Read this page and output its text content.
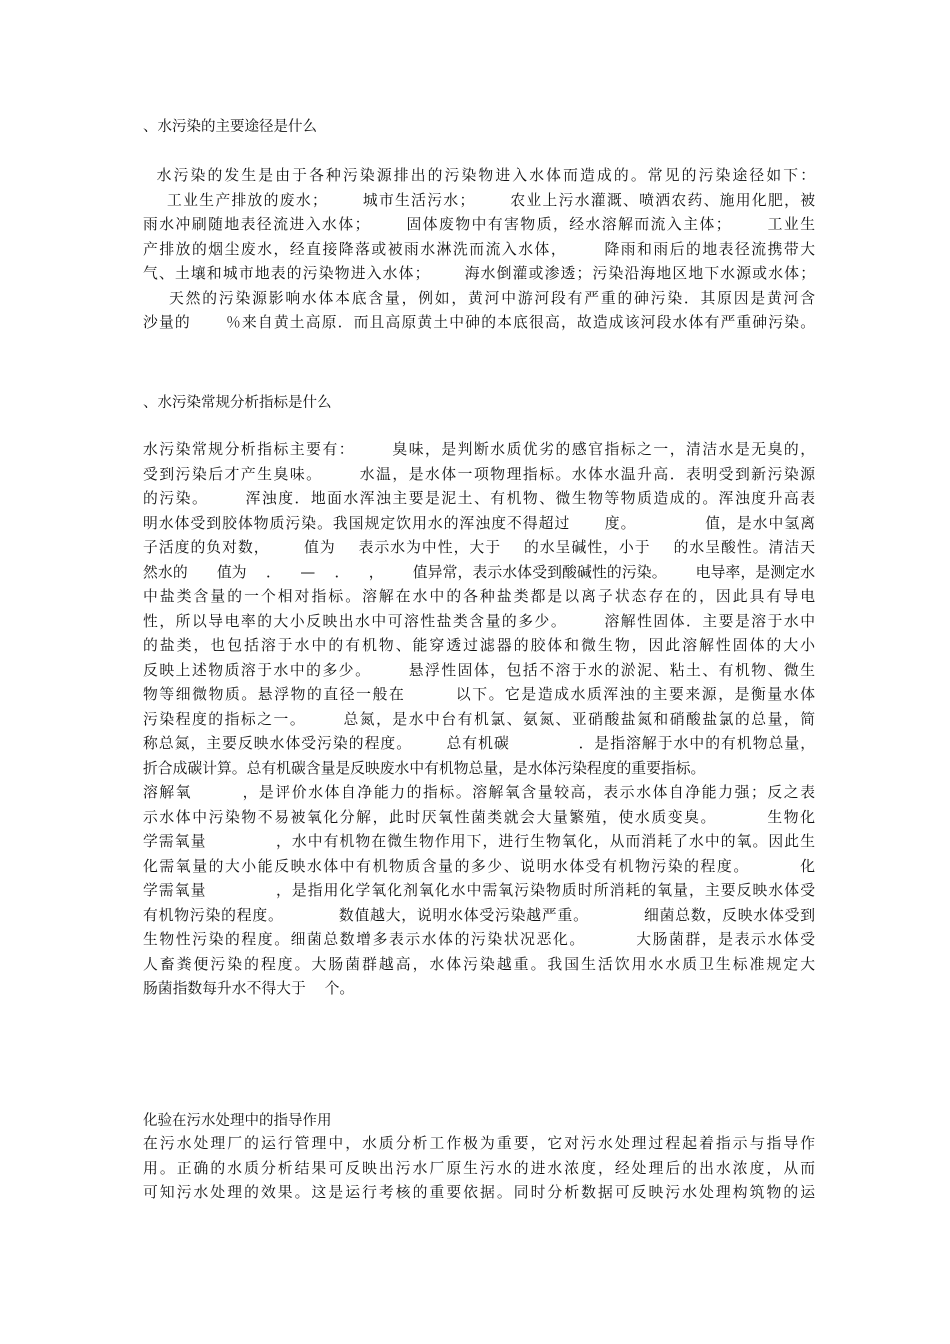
、水污染的主要途径是什么
水污染的发生是由于各种污染源排出的污染物进入水体而造成的。常见的污染途径如下：
工业生产排放的废水；      城市生活污水；      农业上污水灌溉、喷洒农药、施用化肥，被
雨水冲刷随地表径流进入水体；      固体废物中有害物质，经水溶解而流入主体；      工业生
产排放的烟尘废水，经直接降落或被雨水淋洗而流入水体，      降雨和雨后的地表径流携带大
气、土壤和城市地表的污染物进入水体；      海水倒灌或渗透；污染沿海地区地下水源或水体；
天然的污染源影响水体本底含量，例如，黄河中游河段有严重的砷污染．其原因是黄河含
沙量的      ％来自黄土高原．而且高原黄土中砷的本底很高，故造成该河段水体有严重砷污染。
、水污染常规分析指标是什么
水污染常规分析指标主要有：      臭味，是判断水质优劣的感官指标之一，清洁水是无臭的，
受到污染后才产生臭味。      水温，是水体一项物理指标。水体水温升高．表明受到新污染源
的污染。      浑浊度．地面水浑浊主要是泥土、有机物、微生物等物质造成的。浑浊度升高表
明水体受到胶体物质污染。我国规定饮用水的浑浊度不得超过      度。            值，是水中氢离
子活度的负对数，      值为    表示水为中性，大于    的水呈碱性，小于    的水呈酸性。清洁天
然水的      值为    ．    —    ．    ，      值异常，表示水体受到酸碱性的污染。      电导率，是测定水
中盐类含量的一个相对指标。溶解在水中的各种盐类都是以离子状态存在的，因此具有导电
性，所以导电率的大小反映出水中可溶性盐类含量的多少。      溶解性固体．主要是溶于水中
的盐类，也包括溶于水中的有机物、能穿透过滤器的胶体和微生物，因此溶解性固体的大小
反映上述物质溶于水中的多少。      悬浮性固体，包括不溶于水的淤泥、粘土、有机物、微生
物等细微物质。悬浮物的直径一般在        以下。它是造成水质浑浊的主要来源，是衡量水体
污染程度的指标之一。      总氮，是水中台有机氯、氨氮、亚硝酸盐氮和硝酸盐氯的总量，简
称总氮，主要反映水体受污染的程度。      总有机碳            ．是指溶解于水中的有机物总量，
折合成碳计算。总有机碳含量是反映废水中有机物总量，是水体污染程度的重要指标。
溶解氧        ，是评价水体自净能力的指标。溶解氧含量较高，表示水体自净能力强；反之表
示水体中污染物不易被氧化分解，此时厌氧性菌类就会大量繁殖，使水质变臭。        生物化
学需氧量            ，水中有机物在微生物作用下，进行生物氧化，从而消耗了水中的氧。因此生
化需氧量的大小能反映水体中有机物质含量的多少、说明水体受有机物污染的程度。        化
学需氧量            ，是指用化学氧化剂氧化水中需氧污染物质时所消耗的氧量，主要反映水体受
有机物污染的程度。          数值越大，说明水体受污染越严重。          细菌总数，反映水体受到
生物性污染的程度。细菌总数增多表示水体的污染状况恶化。        大肠菌群，是表示水体受
人畜粪便污染的程度。大肠菌群越高，水体污染越重。我国生活饮用水水质卫生标准规定大
肠菌指数每升水不得大于    个。
化验在污水处理中的指导作用
在污水处理厂的运行管理中，水质分析工作极为重要，它对污水处理过程起着指示与指导作
用。正确的水质分析结果可反映出污水厂原生污水的进水浓度，经处理后的出水浓度，从而
可知污水处理的效果。这是运行考核的重要依据。同时分析数据可反映污水处理构筑物的运
